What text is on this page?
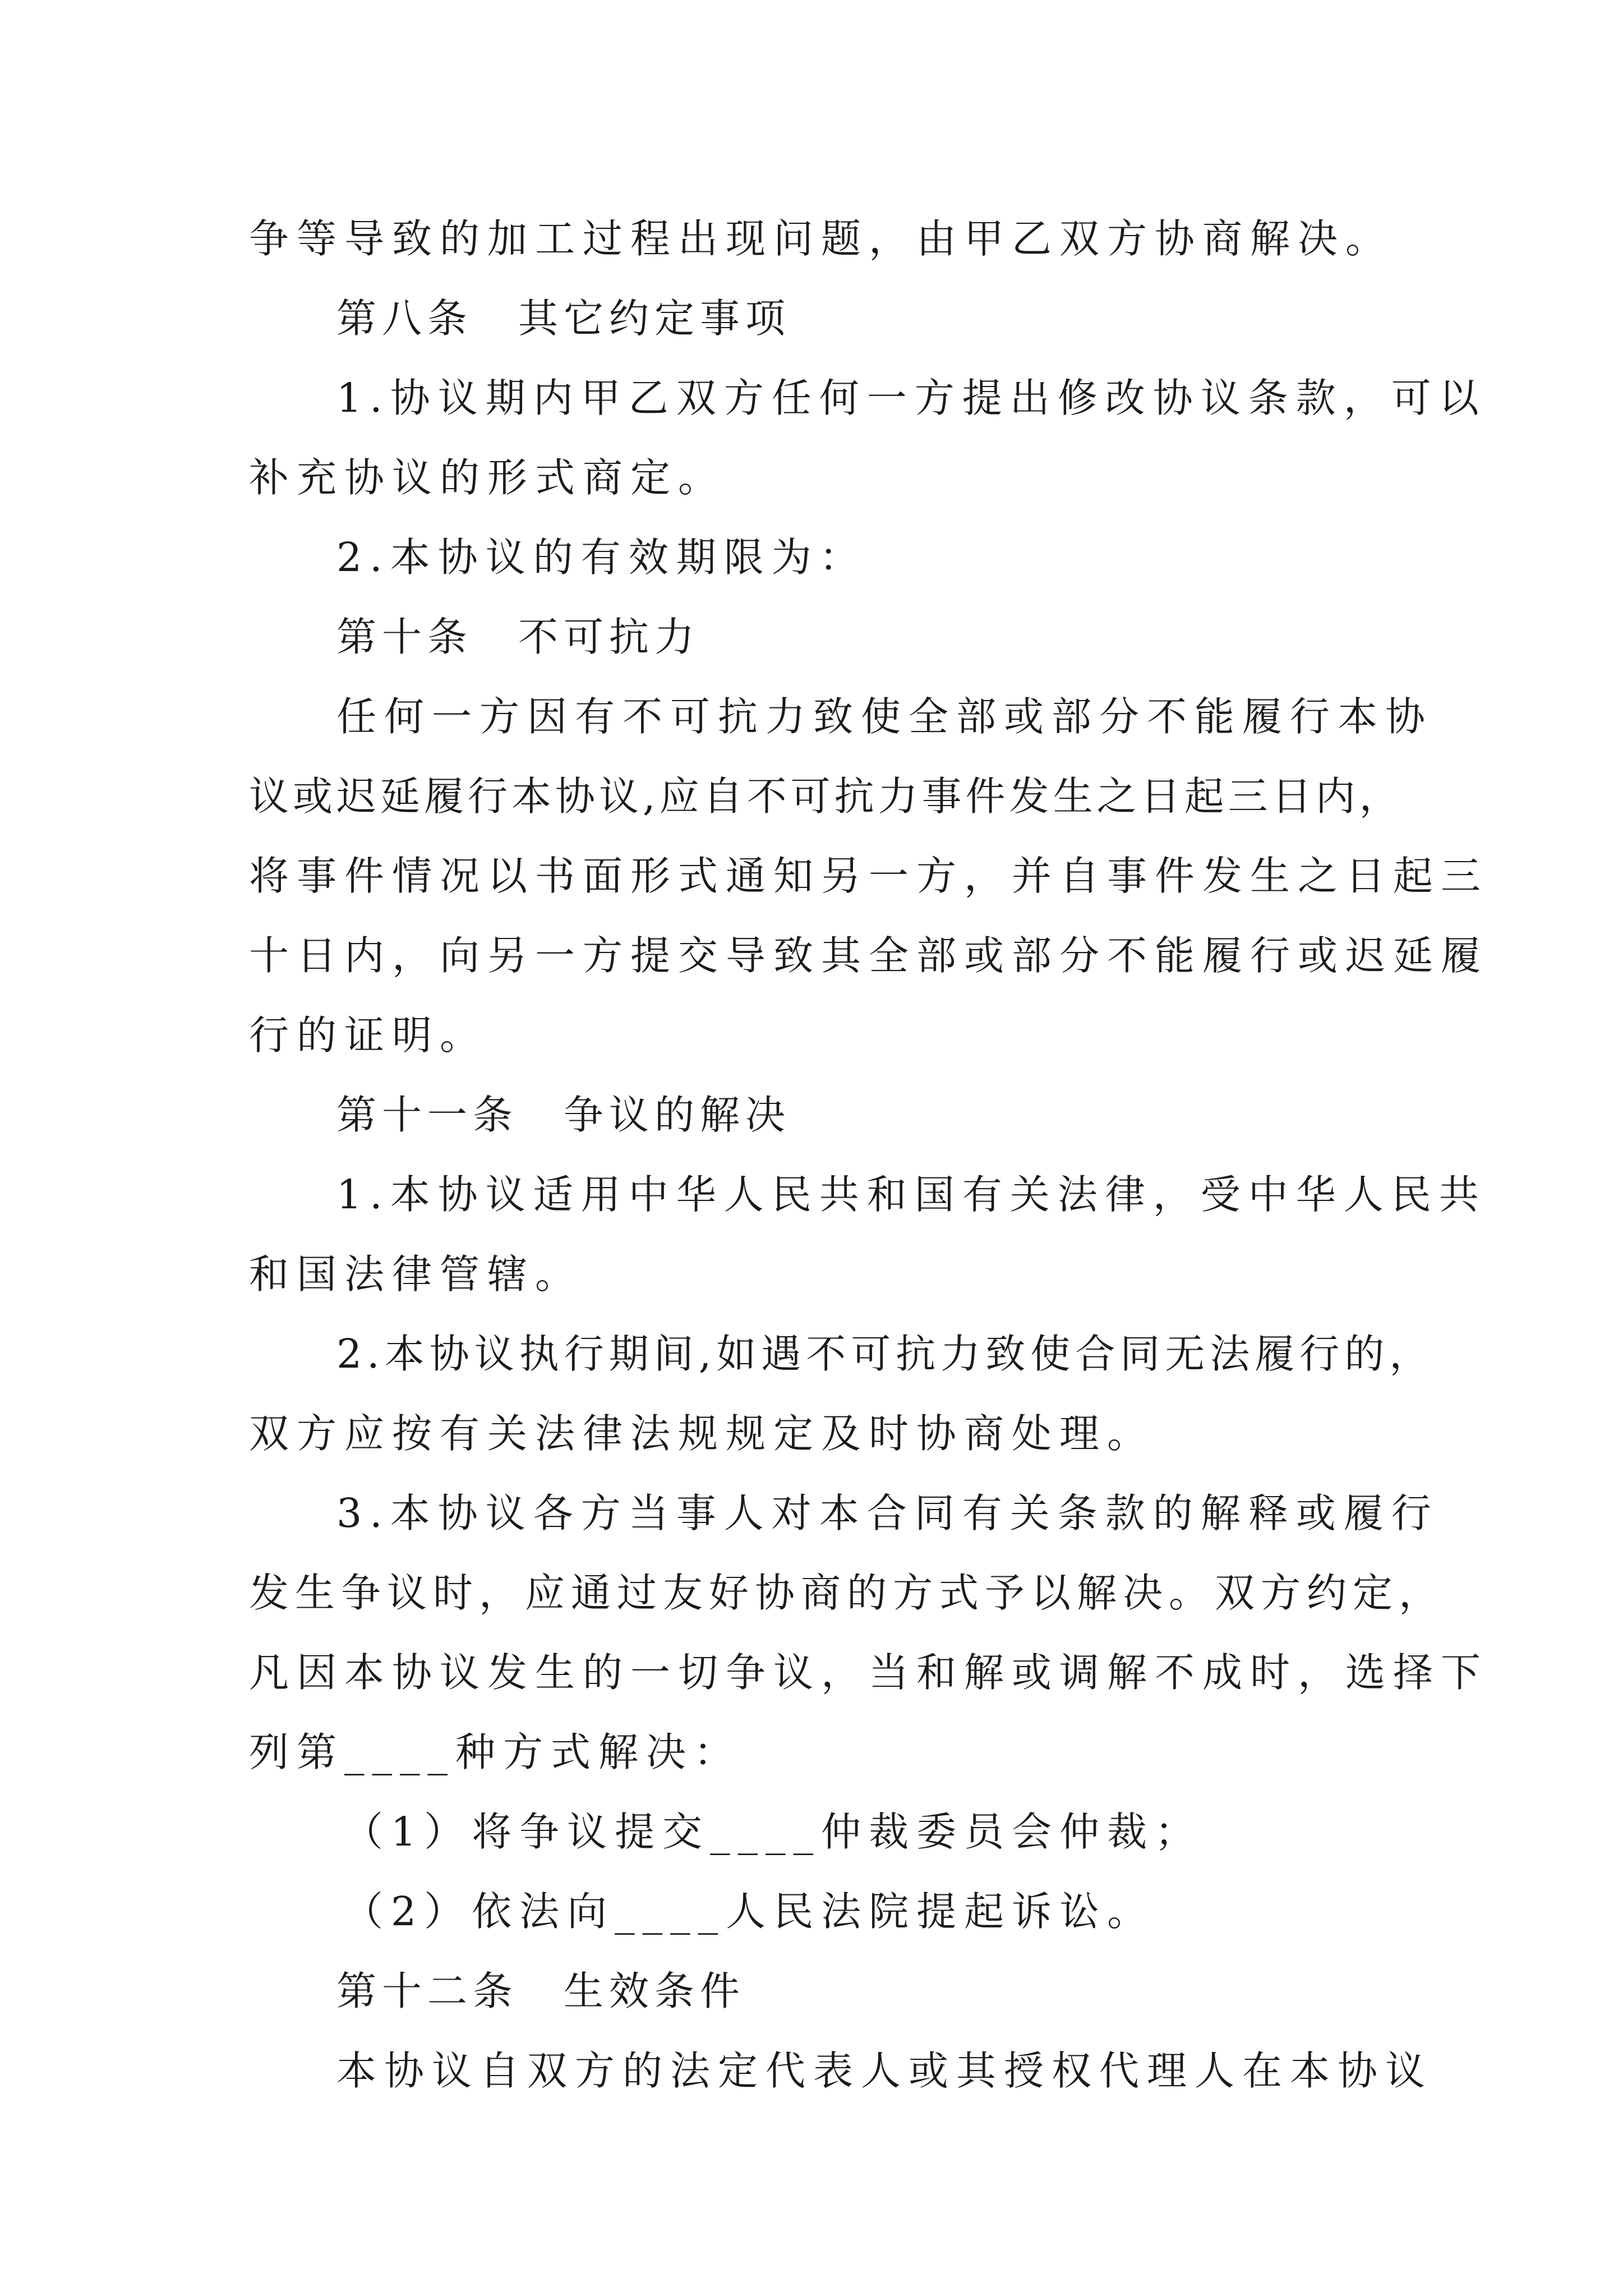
争等导致的加工过程出现问题，由甲乙双方协商解决。

第八条　其它约定事项

1.协议期内甲乙双方任何一方提出修改协议条款，可以

补充协议的形式商定。

2.本协议的有效期限为：

第十条　不可抗力

任何一方因有不可抗力致使全部或部分不能履行本协

议或迟延履行本协议,应自不可抗力事件发生之日起三日内，

将事件情况以书面形式通知另一方，并自事件发生之日起三

十日内，向另一方提交导致其全部或部分不能履行或迟延履

行的证明。

第十一条　争议的解决

1.本协议适用中华人民共和国有关法律，受中华人民共

和国法律管辖。

2.本协议执行期间,如遇不可抗力致使合同无法履行的，

双方应按有关法律法规规定及时协商处理。

3.本协议各方当事人对本合同有关条款的解释或履行

发生争议时，应通过友好协商的方式予以解决。双方约定，

凡因本协议发生的一切争议，当和解或调解不成时，选择下

列第____种方式解决：

（1）将争议提交____仲裁委员会仲裁；

（2）依法向____人民法院提起诉讼。

第十二条　生效条件

本协议自双方的法定代表人或其授权代理人在本协议
